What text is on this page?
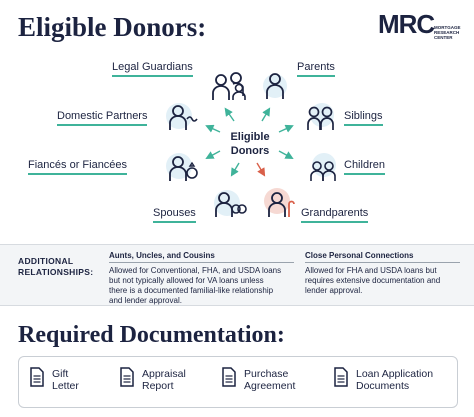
Eligible Donors:	MRC MORTGAGE
RESEARCH
CENTER
Eligible
Donors
Legal Guardians	Parents
Domestic Partners	Siblings
Fiancés or Fiancées	Children
Spouses	Grandparents
ADDITIONAL
RELATIONSHIPS:
Aunts, Uncles, and Cousins
Allowed for Conventional, FHA, and USDA loans
but not typically allowed for VA loans unless
there is a documented familial-like relationship
and lender approval.
Close Personal Connections
Allowed for FHA and USDA loans but
requires extensive documentation and
lender approval.
Required Documentation:
Gift
Letter
Appraisal
Report
Purchase
Agreement
Loan Application
Documents
